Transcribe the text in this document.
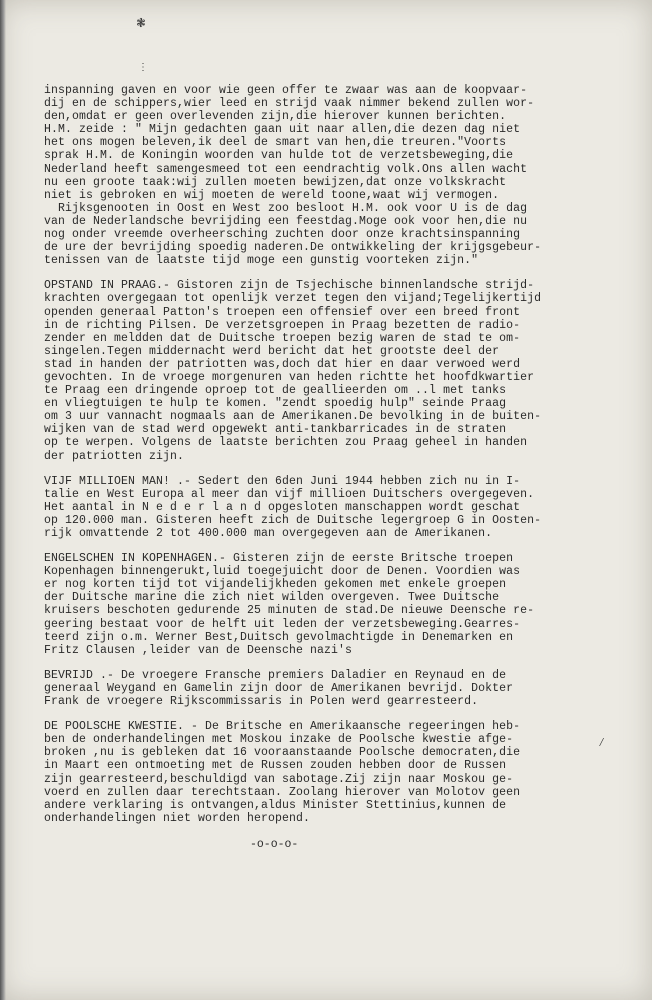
❃
⋮
inspanning gaven en voor wie geen offer te zwaar was aan de koopvaar-
dij en de schippers,wier leed en strijd vaak nimmer bekend zullen wor-
den,omdat er geen overlevenden zijn,die hierover kunnen berichten.
H.M. zeide : " Mijn gedachten gaan uit naar allen,die dezen dag niet
het ons mogen beleven,ik deel de smart van hen,die treuren."Voorts
sprak H.M. de Koningin woorden van hulde tot de verzetsbeweging,die
Nederland heeft samengesmeed tot een eendrachtig volk.Ons allen wacht
nu een groote taak:wij zullen moeten bewijzen,dat onze volkskracht
niet is gebroken en wij moeten de wereld toone,waat wij vermogen.
Rijksgenooten in Oost en West zoo besloot H.M. ook voor U is de dag
van de Nederlandsche bevrijding een feestdag.Moge ook voor hen,die nu
nog onder vreemde overheersching zuchten door onze krachtsinspanning
de ure der bevrijding spoedig naderen.De ontwikkeling der krijgsgebeur-
tenissen van de laatste tijd moge een gunstig voorteken zijn."
OPSTAND IN PRAAG.- Gistoren zijn de Tsjechische binnenlandsche strijd-
krachten overgegaan tot openlijk verzet tegen den vijand;Tegelijkertijd
openden generaal Patton's troepen een offensief over een breed front
in de richting Pilsen. De verzetsgroepen in Praag bezetten de radio-
zender en meldden dat de Duitsche troepen bezig waren de stad te om-
singelen.Tegen middernacht werd bericht dat het grootste deel der
stad in handen der patriotten was,doch dat hier en daar verwoed werd
gevochten. In de vroege morgenuren van heden richtte het hoofdkwartier
te Praag een dringende oproep tot de geallieerden om ..l met tanks
en vliegtuigen te hulp te komen. "zendt spoedig hulp" seinde Praag
om 3 uur vannacht nogmaals aan de Amerikanen.De bevolking in de buiten-
wijken van de stad werd opgewekt anti-tankbarricades in de straten
op te werpen. Volgens de laatste berichten zou Praag geheel in handen
der patriotten zijn.
VIJF MILLIOEN MAN! .- Sedert den 6den Juni 1944 hebben zich nu in I-
talie en West Europa al meer dan vijf millioen Duitschers overgegeven.
Het aantal in N e d e r l a n d opgesloten manschappen wordt geschat
op 120.000 man. Gisteren heeft zich de Duitsche legergroep G in Oosten-
rijk omvattende 2 tot 400.000 man overgegeven aan de Amerikanen.
ENGELSCHEN IN KOPENHAGEN.- Gisteren zijn de eerste Britsche troepen
Kopenhagen binnengerukt,luid toegejuicht door de Denen. Voordien was
er nog korten tijd tot vijandelijkheden gekomen met enkele groepen
der Duitsche marine die zich niet wilden overgeven. Twee Duitsche
kruisers beschoten gedurende 25 minuten de stad.De nieuwe Deensche re-
geering bestaat voor de helft uit leden der verzetsbeweging.Gearres-
teerd zijn o.m. Werner Best,Duitsch gevolmachtigde in Denemarken en
Fritz Clausen ,leider van de Deensche nazi's
BEVRIJD .- De vroegere Fransche premiers Daladier en Reynaud en de
generaal Weygand en Gamelin zijn door de Amerikanen bevrijd. Dokter
Frank de vroegere Rijkscommissaris in Polen werd gearresteerd.
DE POOLSCHE KWESTIE. - De Britsche en Amerikaansche regeeringen heb-
ben de onderhandelingen met Moskou inzake de Poolsche kwestie afge-
broken ,nu is gebleken dat 16 vooraanstaande Poolsche democraten,die
in Maart een ontmoeting met de Russen zouden hebben door de Russen
zijn gearresteerd,beschuldigd van sabotage.Zij zijn naar Moskou ge-
voerd en zullen daar terechtstaan. Zoolang hierover van Molotov geen
andere verklaring is ontvangen,aldus Minister Stettinius,kunnen de
onderhandelingen niet worden heropend.
⁄
-o-o-o-
